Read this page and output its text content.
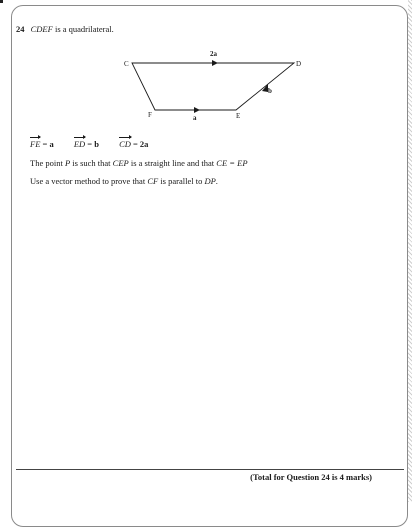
24 CDEF is a quadrilateral.
C	D
E
F
2a
a
b
FE = a ED = b CD = 2a
The point P is such that CEP is a straight line and that CE = EP
Use a vector method to prove that CF is parallel to DP.
(Total for Question 24 is 4 marks)
